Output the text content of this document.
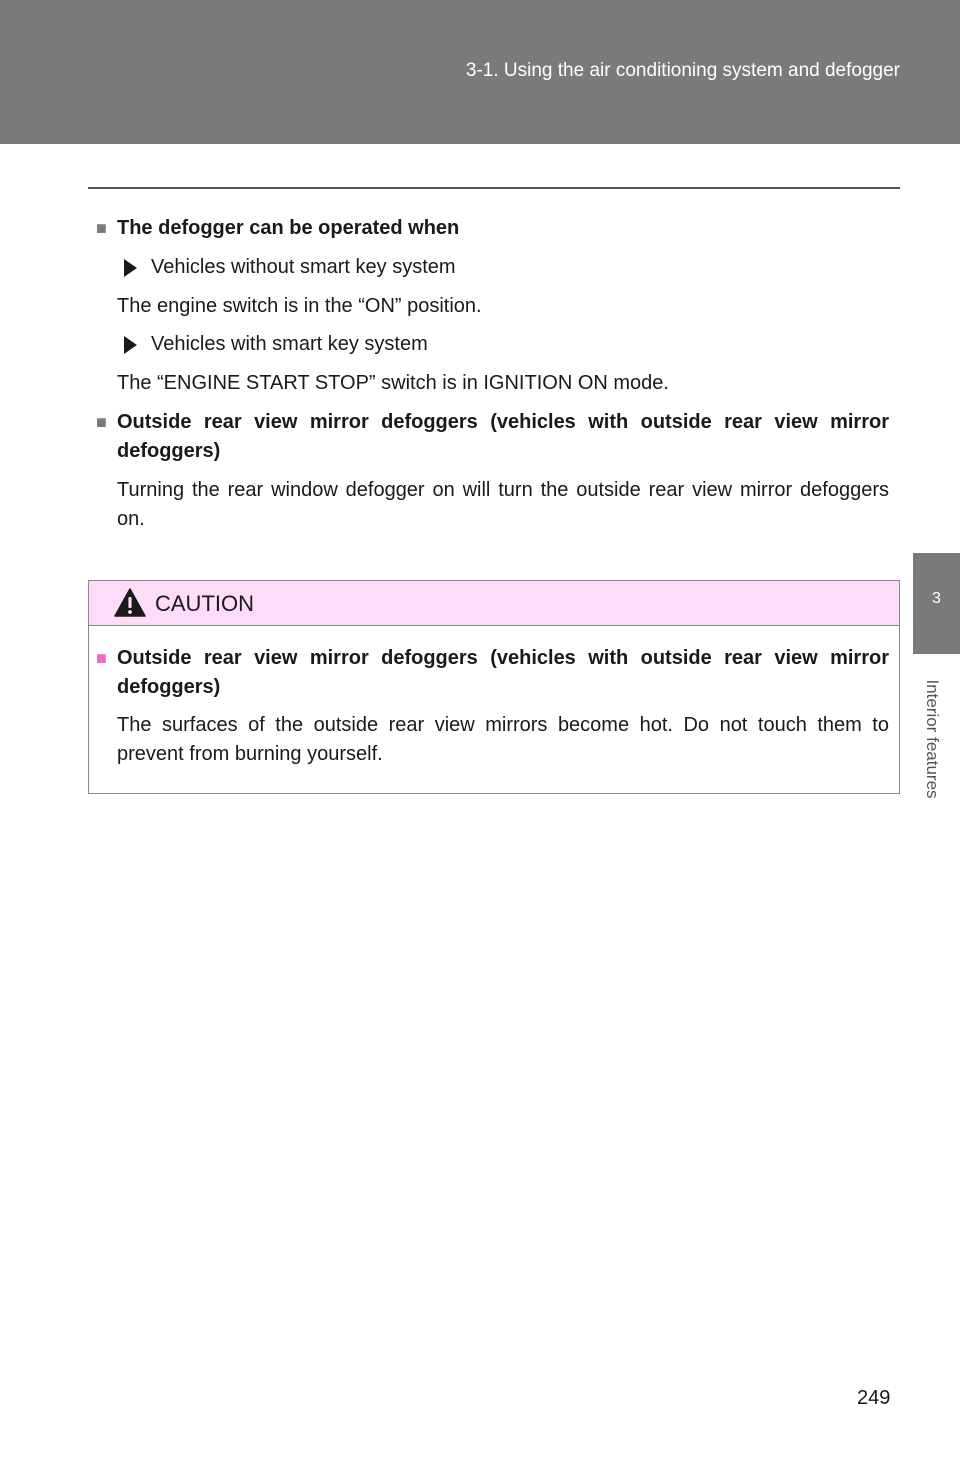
3-1. Using the air conditioning system and defogger
3
Interior features
■ The defogger can be operated when
Vehicles without smart key system
The engine switch is in the “ON” position.
Vehicles with smart key system
The “ENGINE START STOP” switch is in IGNITION ON mode.
■ Outside rear view mirror defoggers (vehicles with outside rear view mirror defoggers)
Turning the rear window defogger on will turn the outside rear view mirror defoggers on.
CAUTION
■ Outside rear view mirror defoggers (vehicles with outside rear view mirror defoggers)
The surfaces of the outside rear view mirrors become hot. Do not touch them to prevent from burning yourself.
249
